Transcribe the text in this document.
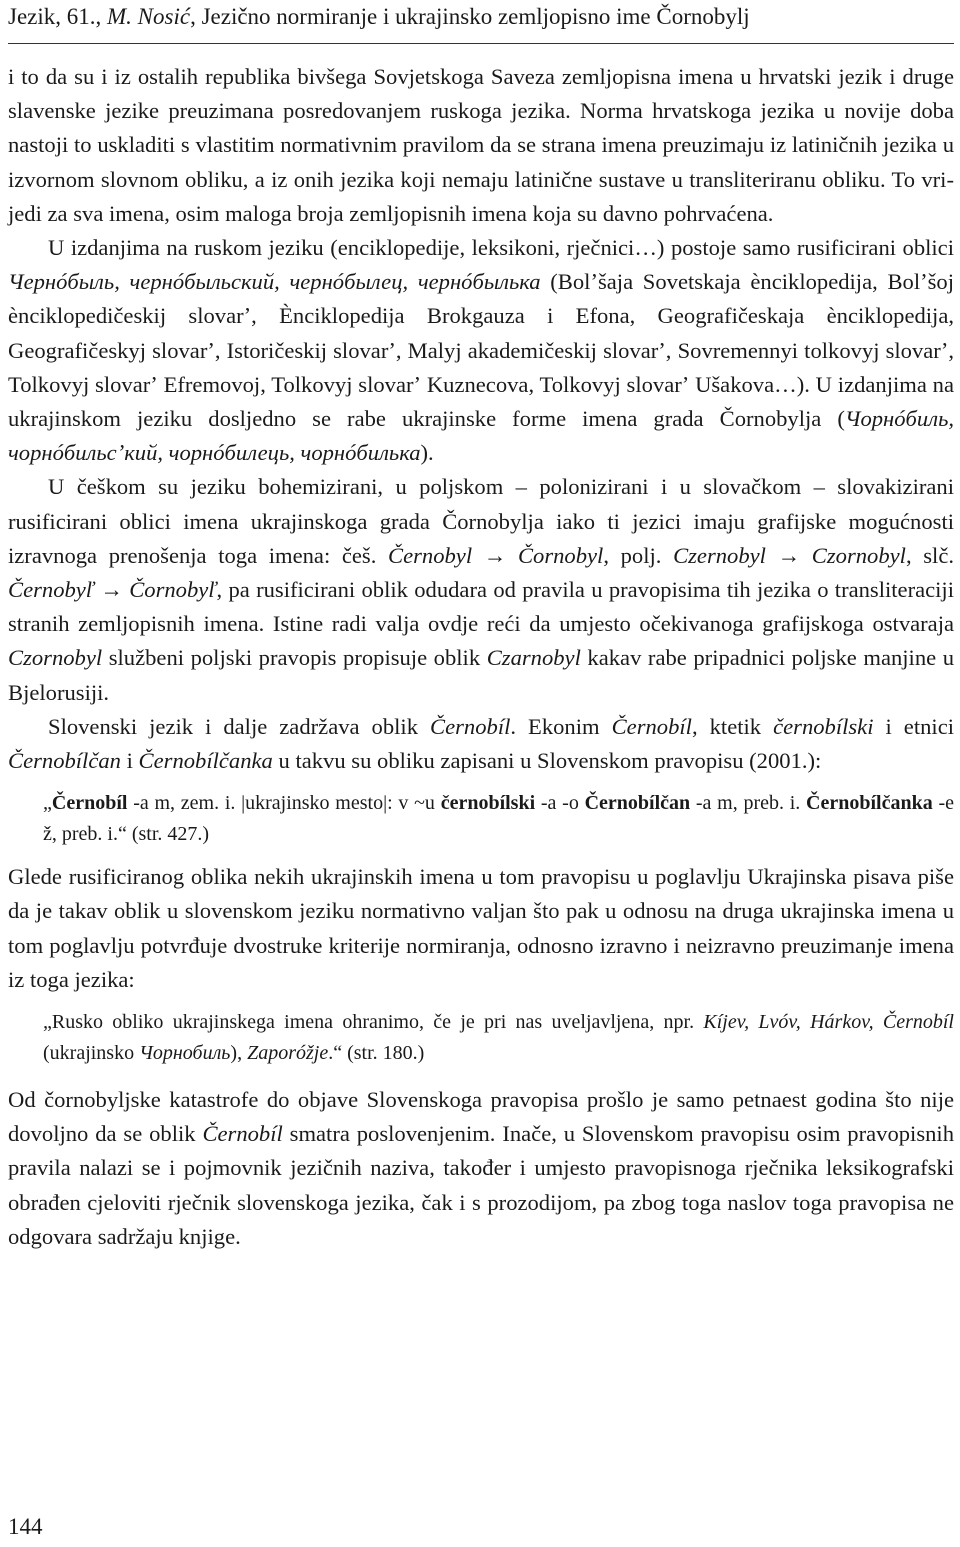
Jezik, 61., M. Nosić, Jezično normiranje i ukrajinsko zemljopisno ime Čornobylj

i to da su i iz ostalih republika bivšega Sovjetskoga Saveza zemljopisna imena u hrvatski jezik i druge slavenske jezike preuzimana posredovanjem ruskoga jezika. Norma hrvatskoga jezika u novije doba nastoji to uskladiti s vlastitim normativnim pravilom da se strana imena preuzimaju iz latiničnih jezika u izvornom slovnom obliku, a iz onih jezika koji nemaju latinične sustave u transliteriranu obliku. To vrijedi za sva imena, osim maloga broja zemljopisnih imena koja su davno pohrvaćena.

U izdanjima na ruskom jeziku (enciklopedije, leksikoni, rječnici…) postoje samo rusificirani oblici Чернóбыль, чернóбыльский, чернóбылец, чернóбылька (Bolʼšaja Sovetskaja ènciklopedija, Bolʼšoj ènciklopedičeskij slovarʼ, Ènciklopedija Brokgauza i Efona, Geografičeskaja ènciklopedija, Geografičeskyj slovarʼ, Istoričeskij slovarʼ, Malyj akademičeskij slovarʼ, Sovremennyi tolkovyj slovarʼ, Tolkovyj slovarʼ Efremovoj, Tolkovyj slovarʼ Kuznecova, Tolkovyj slovarʼ Ušakova…). U izdanjima na ukrajinskom jeziku dosljedno se rabe ukrajinske forme imena grada Čornobylja (Чорнóбиль, чорнóбильсʼкий, чорнóбилець, чорнóбилька).

U češkom su jeziku bohemizirani, u poljskom – polonizirani i u slovačkom – slovakizirani rusificirani oblici imena ukrajinskoga grada Čornobylja iako ti jezici imaju grafijske mogućnosti izravnoga prenošenja toga imena: češ. Černobyl → Čornobyl, polj. Czernobyl → Czornobyl, slč. Černobyľ → Čornobyľ, pa rusificirani oblik odudara od pravila u pravopisima tih jezika o transliteraciji stranih zemljopisnih imena. Istine radi valja ovdje reći da umjesto očekivanoga grafijskoga ostvaraja Czornobyl službeni poljski pravopis propisuje oblik Czarnobyl kakav rabe pripadnici poljske manjine u Bjelorusiji.

Slovenski jezik i dalje zadržava oblik Černobíl. Ekonim Černobíl, ktetik černobílski i etnici Černobílčan i Černobílčanka u takvu su obliku zapisani u Slovenskom pravopisu (2001.):

„Černobíl -a m, zem. i. |ukrajinsko mesto|: v ~u černobílski -a -o Černobílčan -a m, preb. i. Černobílčanka -e ž, preb. i.“ (str. 427.)

Glede rusificiranog oblika nekih ukrajinskih imena u tom pravopisu u poglavlju Ukrajinska pisava piše da je takav oblik u slovenskom jeziku normativno valjan što pak u odnosu na druga ukrajinska imena u tom poglavlju potvrđuje dvostruke kriterije normiranja, odnosno izravno i neizravno preuzimanje imena iz toga jezika:

„Rusko obliko ukrajinskega imena ohranimo, če je pri nas uveljavljena, npr. Kíjev, Lvóv, Hárkov, Černobíl (ukrajinsko Чорнобиль), Zaporóžje.“ (str. 180.)

Od čornobyljske katastrofe do objave Slovenskoga pravopisa prošlo je samo petnaest godina što nije dovoljno da se oblik Černobíl smatra poslovenjenim. Inače, u Slovenskom pravopisu osim pravopisnih pravila nalazi se i pojmovnik jezičnih naziva, također i umjesto pravopisnoga rječnika leksikografski obrađen cjeloviti rječnik slovenskoga jezika, čak i s prozodijom, pa zbog toga naslov toga pravopisa ne odgovara sadržaju knjige.

144
